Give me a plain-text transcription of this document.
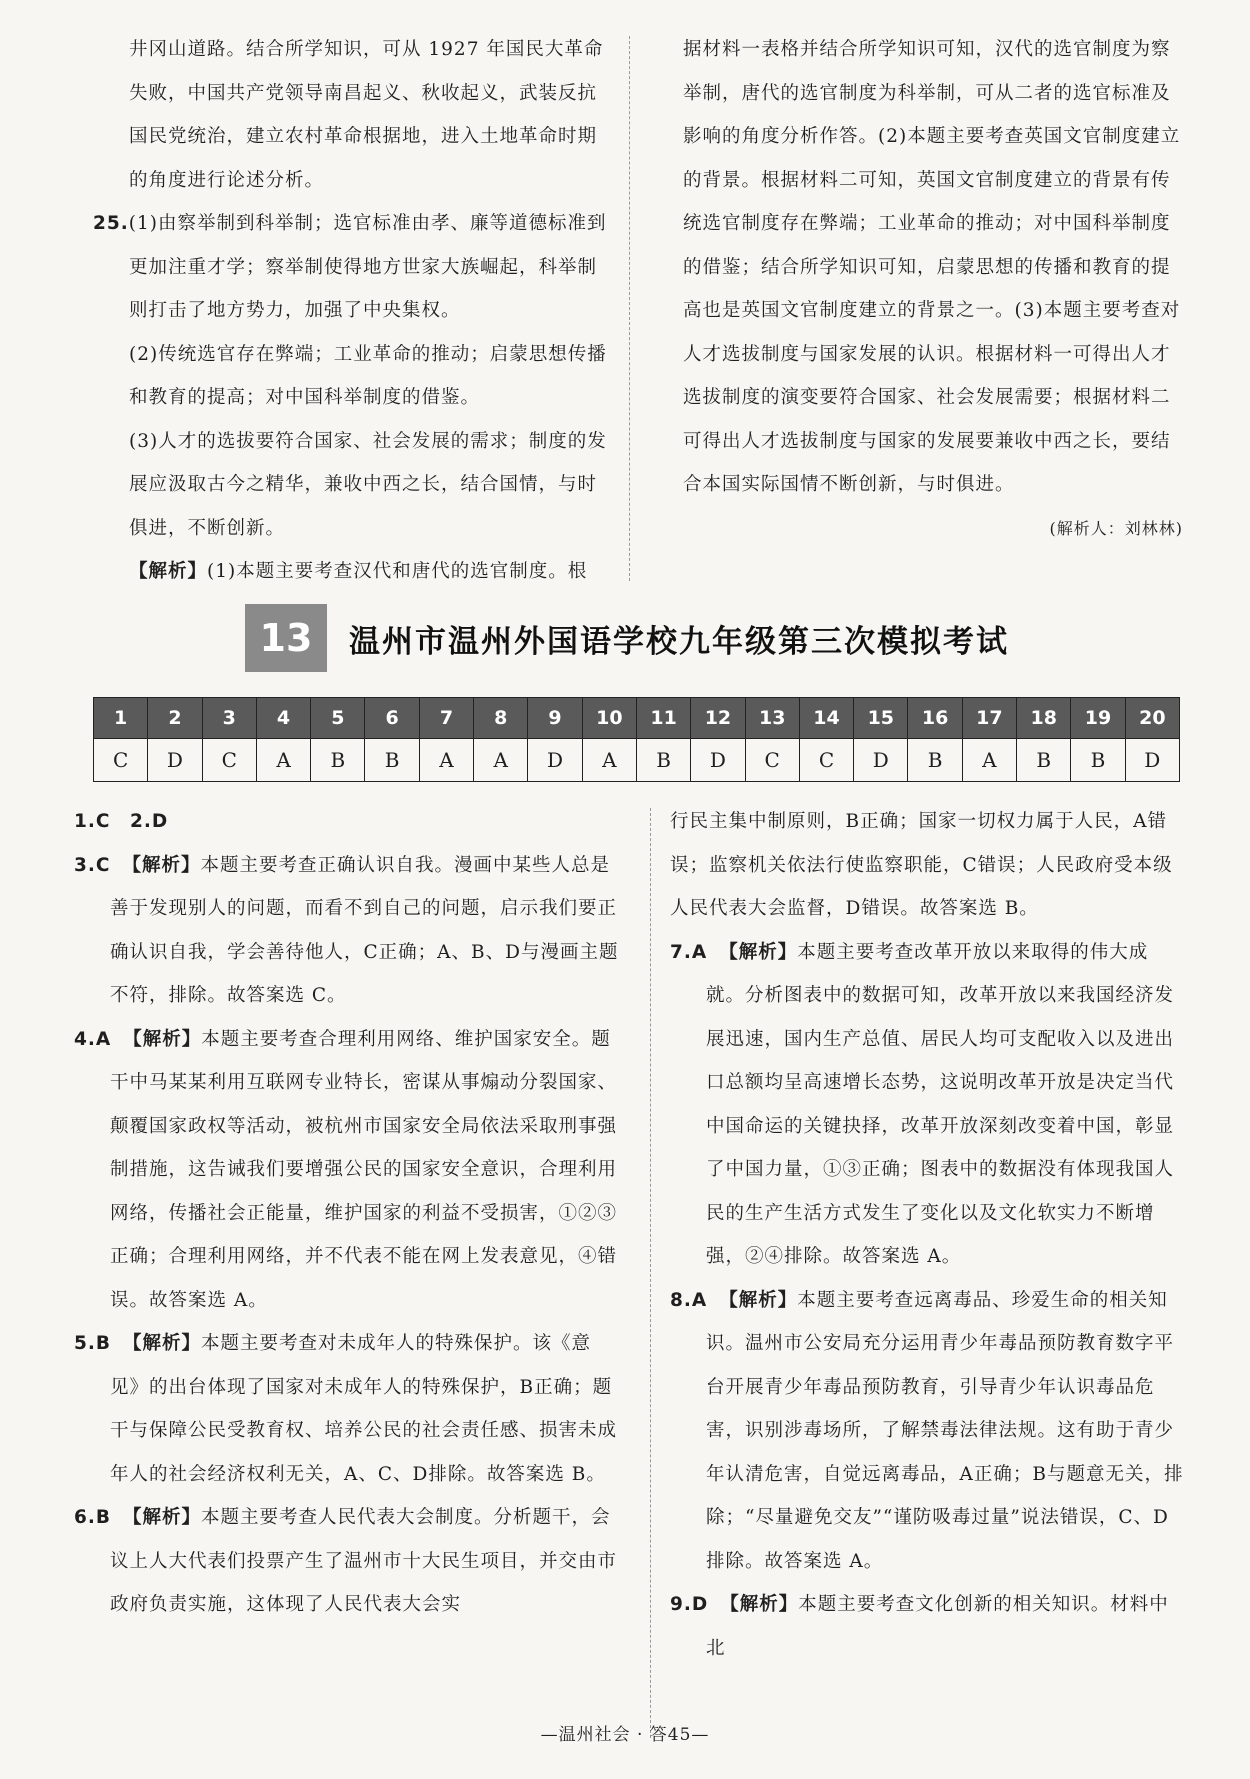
井冈山道路。结合所学知识，可从 1927 年国民大革命

失败，中国共产党领导南昌起义、秋收起义，武装反抗

国民党统治，建立农村革命根据地，进入土地革命时期

的角度进行论述分析。

25.(1)由察举制到科举制；选官标准由孝、廉等道德标准到更加注重才学；察举制使得地方世家大族崛起，科举制则打击了地方势力，加强了中央集权。

(2)传统选官存在弊端；工业革命的推动；启蒙思想传播和教育的提高；对中国科举制度的借鉴。

(3)人才的选拔要符合国家、社会发展的需求；制度的发展应汲取古今之精华，兼收中西之长，结合国情，与时俱进，不断创新。

【解析】(1)本题主要考查汉代和唐代的选官制度。根

据材料一表格并结合所学知识可知，汉代的选官制度为察举制，唐代的选官制度为科举制，可从二者的选官标准及影响的角度分析作答。(2)本题主要考查英国文官制度建立的背景。根据材料二可知，英国文官制度建立的背景有传统选官制度存在弊端；工业革命的推动；对中国科举制度的借鉴；结合所学知识可知，启蒙思想的传播和教育的提高也是英国文官制度建立的背景之一。(3)本题主要考查对人才选拔制度与国家发展的认识。根据材料一可得出人才选拔制度的演变要符合国家、社会发展需要；根据材料二可得出人才选拔制度与国家的发展要兼收中西之长，要结合本国实际国情不断创新，与时俱进。

(解析人：刘林林)

13	温州市温州外国语学校九年级第三次模拟考试
1	2	3	4	5	6	7	8	9	10	11	12	13	14	15	16	17	18	19	20
C	D	C	A	B	B	A	A	D	A	B	D	C	C	D	B	A	B	B	D

1.C　2.D

3.C 【解析】本题主要考查正确认识自我。漫画中某些人总是善于发现别人的问题，而看不到自己的问题，启示我们要正确认识自我，学会善待他人，C正确；A、B、D与漫画主题不符，排除。故答案选 C。

4.A 【解析】本题主要考查合理利用网络、维护国家安全。题干中马某某利用互联网专业特长，密谋从事煽动分裂国家、颠覆国家政权等活动，被杭州市国家安全局依法采取刑事强制措施，这告诫我们要增强公民的国家安全意识，合理利用网络，传播社会正能量，维护国家的利益不受损害，①②③正确；合理利用网络，并不代表不能在网上发表意见，④错误。故答案选 A。

5.B 【解析】本题主要考查对未成年人的特殊保护。该《意见》的出台体现了国家对未成年人的特殊保护，B正确；题干与保障公民受教育权、培养公民的社会责任感、损害未成年人的社会经济权利无关，A、C、D排除。故答案选 B。

6.B 【解析】本题主要考查人民代表大会制度。分析题干，会议上人大代表们投票产生了温州市十大民生项目，并交由市政府负责实施，这体现了人民代表大会实

行民主集中制原则，B正确；国家一切权力属于人民，A错误；监察机关依法行使监察职能，C错误；人民政府受本级人民代表大会监督，D错误。故答案选 B。

7.A 【解析】本题主要考查改革开放以来取得的伟大成就。分析图表中的数据可知，改革开放以来我国经济发展迅速，国内生产总值、居民人均可支配收入以及进出口总额均呈高速增长态势，这说明改革开放是决定当代中国命运的关键抉择，改革开放深刻改变着中国，彰显了中国力量，①③正确；图表中的数据没有体现我国人民的生产生活方式发生了变化以及文化软实力不断增强，②④排除。故答案选 A。

8.A 【解析】本题主要考查远离毒品、珍爱生命的相关知识。温州市公安局充分运用青少年毒品预防教育数字平台开展青少年毒品预防教育，引导青少年认识毒品危害，识别涉毒场所，了解禁毒法律法规。这有助于青少年认清危害，自觉远离毒品，A正确；B与题意无关，排除；“尽量避免交友”“谨防吸毒过量”说法错误，C、D排除。故答案选 A。

9.D 【解析】本题主要考查文化创新的相关知识。材料中北

—温州社会 · 答45—
